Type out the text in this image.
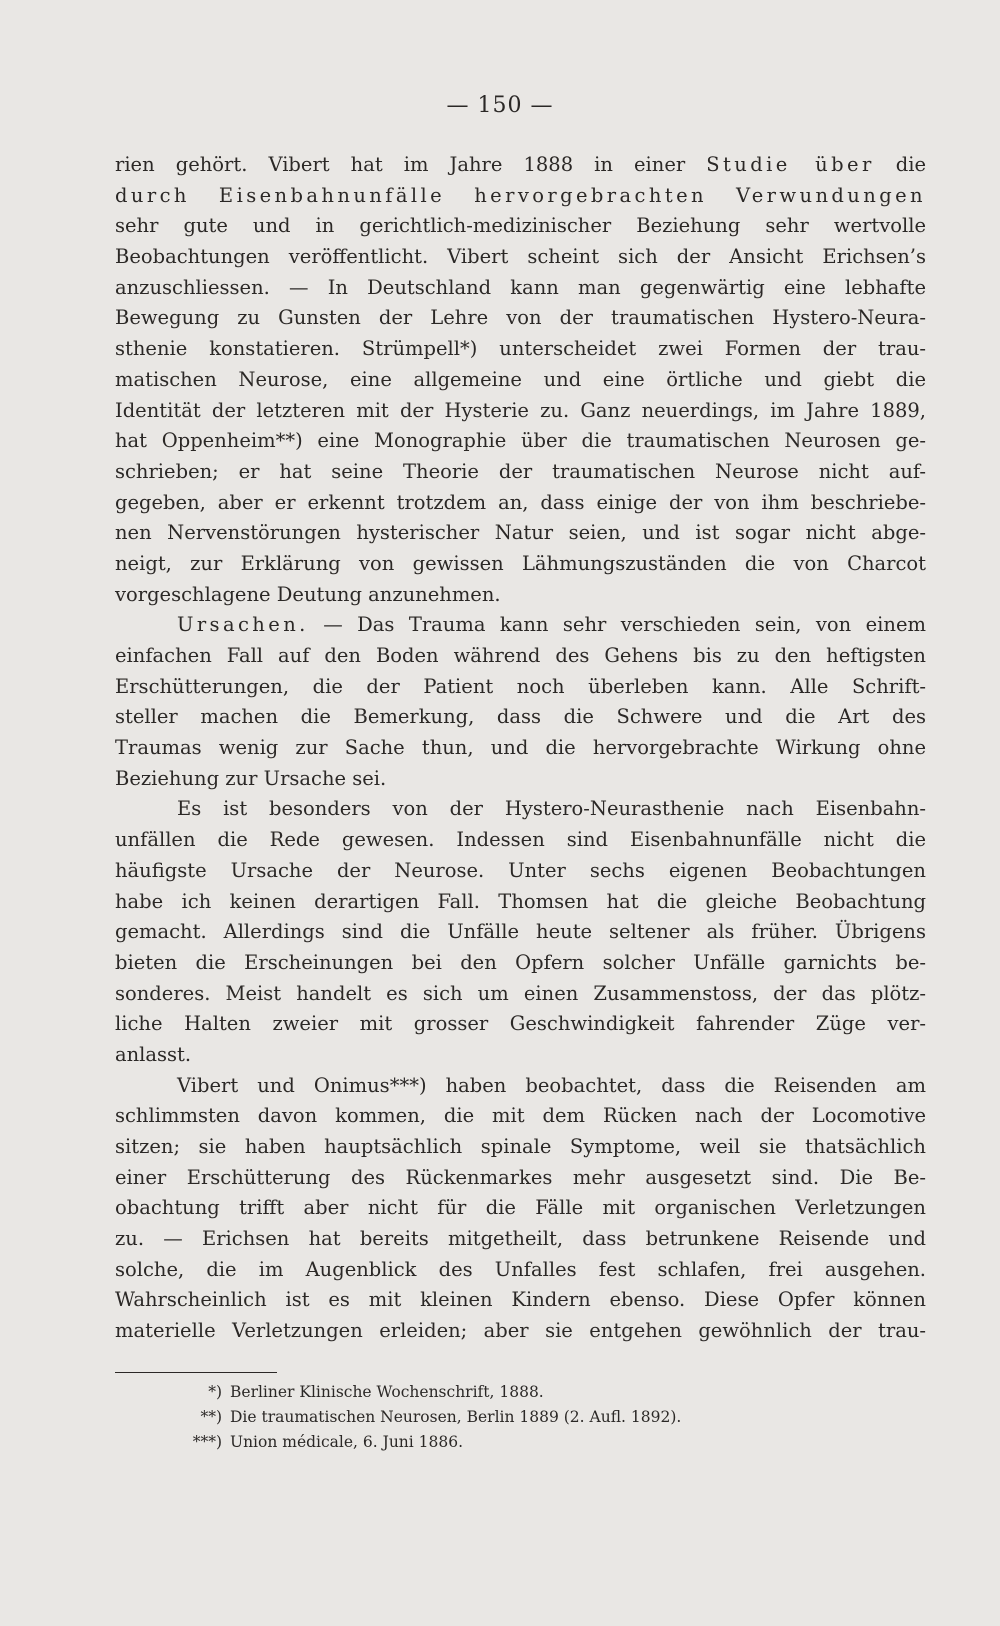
— 150 —
rien gehört. Vibert hat im Jahre 1888 in einer Studie über die
durch Eisenbahnunfälle hervorgebrachten Verwundungen
sehr gute und in gerichtlich-medizinischer Beziehung sehr wertvolle
Beobachtungen veröffentlicht. Vibert scheint sich der Ansicht Erichsen’s
anzuschliessen. — In Deutschland kann man gegenwärtig eine lebhafte
Bewegung zu Gunsten der Lehre von der traumatischen Hystero-Neura-
sthenie konstatieren. Strümpell*) unterscheidet zwei Formen der trau-
matischen Neurose, eine allgemeine und eine örtliche und giebt die
Identität der letzteren mit der Hysterie zu. Ganz neuerdings, im Jahre 1889,
hat Oppenheim**) eine Monographie über die traumatischen Neurosen ge-
schrieben; er hat seine Theorie der traumatischen Neurose nicht auf-
gegeben, aber er erkennt trotzdem an, dass einige der von ihm beschriebe-
nen Nervenstörungen hysterischer Natur seien, und ist sogar nicht abge-
neigt, zur Erklärung von gewissen Lähmungszuständen die von Charcot
vorgeschlagene Deutung anzunehmen.
Ursachen. — Das Trauma kann sehr verschieden sein, von einem
einfachen Fall auf den Boden während des Gehens bis zu den heftigsten
Erschütterungen, die der Patient noch überleben kann. Alle Schrift-
steller machen die Bemerkung, dass die Schwere und die Art des
Traumas wenig zur Sache thun, und die hervorgebrachte Wirkung ohne
Beziehung zur Ursache sei.
Es ist besonders von der Hystero-Neurasthenie nach Eisenbahn-
unfällen die Rede gewesen. Indessen sind Eisenbahnunfälle nicht die
häufigste Ursache der Neurose. Unter sechs eigenen Beobachtungen
habe ich keinen derartigen Fall. Thomsen hat die gleiche Beobachtung
gemacht. Allerdings sind die Unfälle heute seltener als früher. Übrigens
bieten die Erscheinungen bei den Opfern solcher Unfälle garnichts be-
sonderes. Meist handelt es sich um einen Zusammenstoss, der das plötz-
liche Halten zweier mit grosser Geschwindigkeit fahrender Züge ver-
anlasst.
Vibert und Onimus***) haben beobachtet, dass die Reisenden am
schlimmsten davon kommen, die mit dem Rücken nach der Locomotive
sitzen; sie haben hauptsächlich spinale Symptome, weil sie thatsächlich
einer Erschütterung des Rückenmarkes mehr ausgesetzt sind. Die Be-
obachtung trifft aber nicht für die Fälle mit organischen Verletzungen
zu. — Erichsen hat bereits mitgetheilt, dass betrunkene Reisende und
solche, die im Augenblick des Unfalles fest schlafen, frei ausgehen.
Wahrscheinlich ist es mit kleinen Kindern ebenso. Diese Opfer können
materielle Verletzungen erleiden; aber sie entgehen gewöhnlich der trau-
*) Berliner Klinische Wochenschrift, 1888.
**) Die traumatischen Neurosen, Berlin 1889 (2. Aufl. 1892).
***) Union médicale, 6. Juni 1886.
